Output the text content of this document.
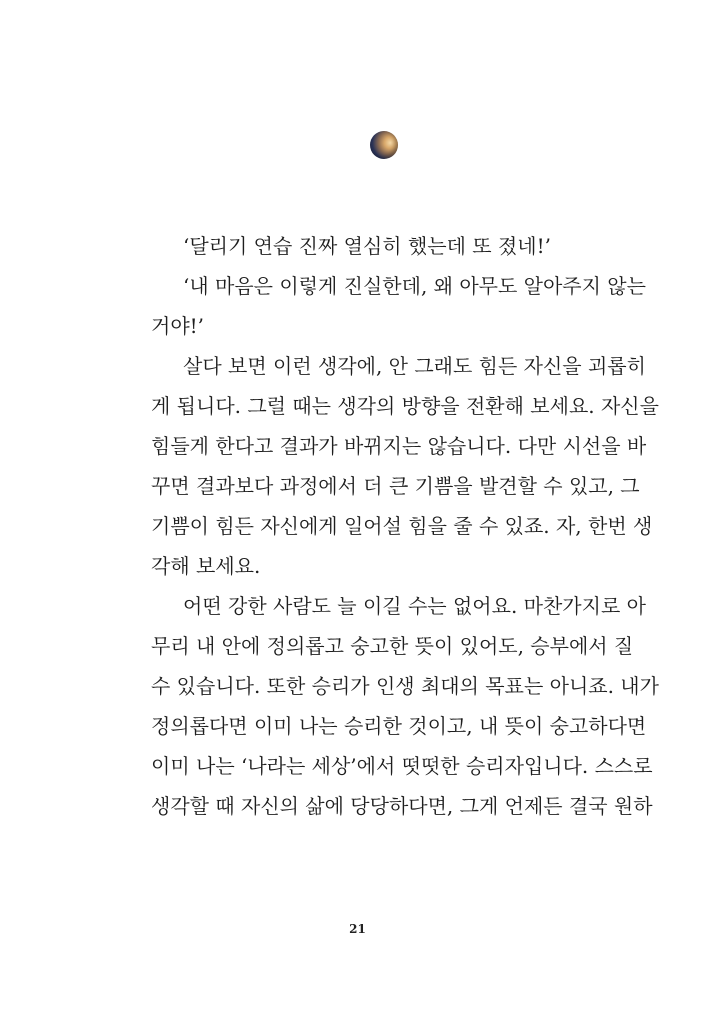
‘달리기 연습 진짜 열심히 했는데 또 졌네!’
‘내 마음은 이렇게 진실한데, 왜 아무도 알아주지 않는
거야!’
살다 보면 이런 생각에, 안 그래도 힘든 자신을 괴롭히
게 됩니다. 그럴 때는 생각의 방향을 전환해 보세요. 자신을
힘들게 한다고 결과가 바뀌지는 않습니다. 다만 시선을 바
꾸면 결과보다 과정에서 더 큰 기쁨을 발견할 수 있고, 그
기쁨이 힘든 자신에게 일어설 힘을 줄 수 있죠. 자, 한번 생
각해 보세요.
어떤 강한 사람도 늘 이길 수는 없어요. 마찬가지로 아
무리 내 안에 정의롭고 숭고한 뜻이 있어도, 승부에서 질
수 있습니다. 또한 승리가 인생 최대의 목표는 아니죠. 내가
정의롭다면 이미 나는 승리한 것이고, 내 뜻이 숭고하다면
이미 나는 ‘나라는 세상’에서 떳떳한 승리자입니다. 스스로
생각할 때 자신의 삶에 당당하다면, 그게 언제든 결국 원하
21
